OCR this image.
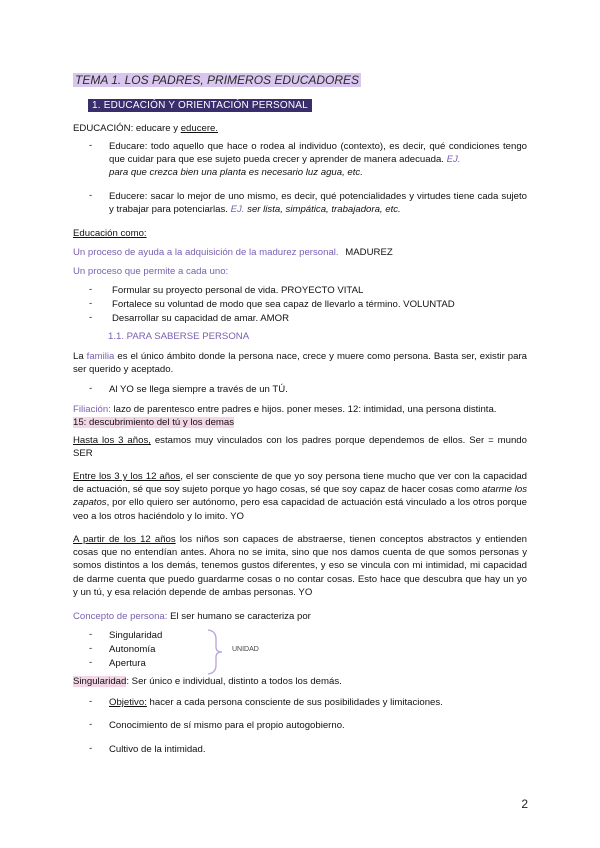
TEMA 1. LOS PADRES, PRIMEROS EDUCADORES
1. EDUCACIÓN Y ORIENTACIÓN PERSONAL
EDUCACIÓN: educare y educere.
- Educare: todo aquello que hace o rodea al individuo (contexto), es decir, qué condiciones tengo que cuidar para que ese sujeto pueda crecer y aprender de manera adecuada. EJ.
para que crezca bien una planta es necesario luz agua, etc.
- Educere: sacar lo mejor de uno mismo, es decir, qué potencialidades y virtudes tiene cada sujeto y trabajar para potenciarlas. EJ. ser lista, simpática, trabajadora, etc.
Educación como:
Un proceso de ayuda a la adquisición de la madurez personal. MADUREZ
Un proceso que permite a cada uno:
- Formular su proyecto personal de vida. PROYECTO VITAL
- Fortalece su voluntad de modo que sea capaz de llevarlo a término. VOLUNTAD
- Desarrollar su capacidad de amar. AMOR
1.1. PARA SABERSE PERSONA
La familia es el único ámbito donde la persona nace, crece y muere como persona. Basta ser, existir para ser querido y aceptado.
- Al YO se llega siempre a través de un TÚ.
Filiación: lazo de parentesco entre padres e hijos. poner meses. 12: intimidad, una persona distinta.
15: descubrimiento del tú y los demas
Hasta los 3 años, estamos muy vinculados con los padres porque dependemos de ellos. Ser = mundo SER
Entre los 3 y los 12 años, el ser consciente de que yo soy persona tiene mucho que ver con la capacidad de actuación, sé que soy sujeto porque yo hago cosas, sé que soy capaz de hacer cosas como atarme los zapatos, por ello quiero ser autónomo, pero esa capacidad de actuación está vinculado a los otros porque veo a los otros haciéndolo y lo imito. YO
A partir de los 12 años los niños son capaces de abstraerse, tienen conceptos abstractos y entienden cosas que no entendían antes. Ahora no se imita, sino que nos damos cuenta de que somos personas y somos distintos a los demás, tenemos gustos diferentes, y eso se vincula con mi intimidad, mi capacidad de darme cuenta que puedo guardarme cosas o no contar cosas. Esto hace que descubra que hay un yo y un tú, y esa relación depende de ambas personas. YO
Concepto de persona: El ser humano se caracteriza por
- Singularidad
- Autonomía
- Apertura
UNIDAD
Singularidad: Ser único e individual, distinto a todos los demás.
- Objetivo: hacer a cada persona consciente de sus posibilidades y limitaciones.
- Conocimiento de sí mismo para el propio autogobierno.
- Cultivo de la intimidad.
2
